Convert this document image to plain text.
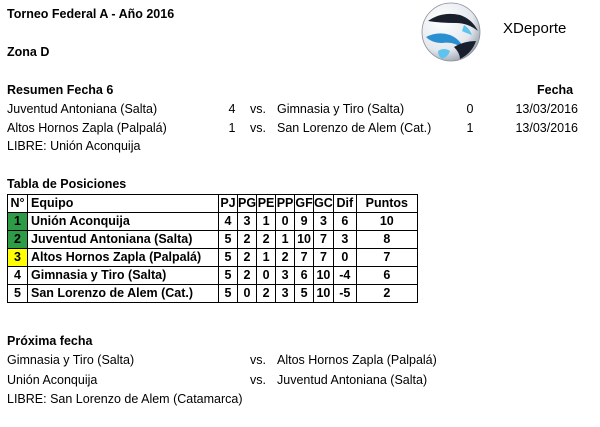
Torneo Federal A - Año 2016
Zona D
XDeporte
Resumen Fecha 6	Fecha
Juventud Antoniana (Salta)	4	vs. Gimnasia y Tiro (Salta)	0	13/03/2016
Altos Hornos Zapla (Palpalá)	1	vs. San Lorenzo de Alem (Cat.)	1	13/03/2016
LIBRE: Unión Aconquija
Tabla de Posiciones
N°	Equipo	PJ	PG	PE	PP	GF	GC	Dif	Puntos
1	Unión Aconquija	4	3	1	0	9	3	6	10
2	Juventud Antoniana (Salta)	5	2	2	1	10	7	3	8
3	Altos Hornos Zapla (Palpalá)	5	2	1	2	7	7	0	7
4	Gimnasia y Tiro (Salta)	5	2	0	3	6	10	-4	6
5	San Lorenzo de Alem (Cat.)	5	0	2	3	5	10	-5	2
Próxima fecha
Gimnasia y Tiro (Salta)	vs. Altos Hornos Zapla (Palpalá)
Unión Aconquija	vs. Juventud Antoniana (Salta)
LIBRE: San Lorenzo de Alem (Catamarca)
